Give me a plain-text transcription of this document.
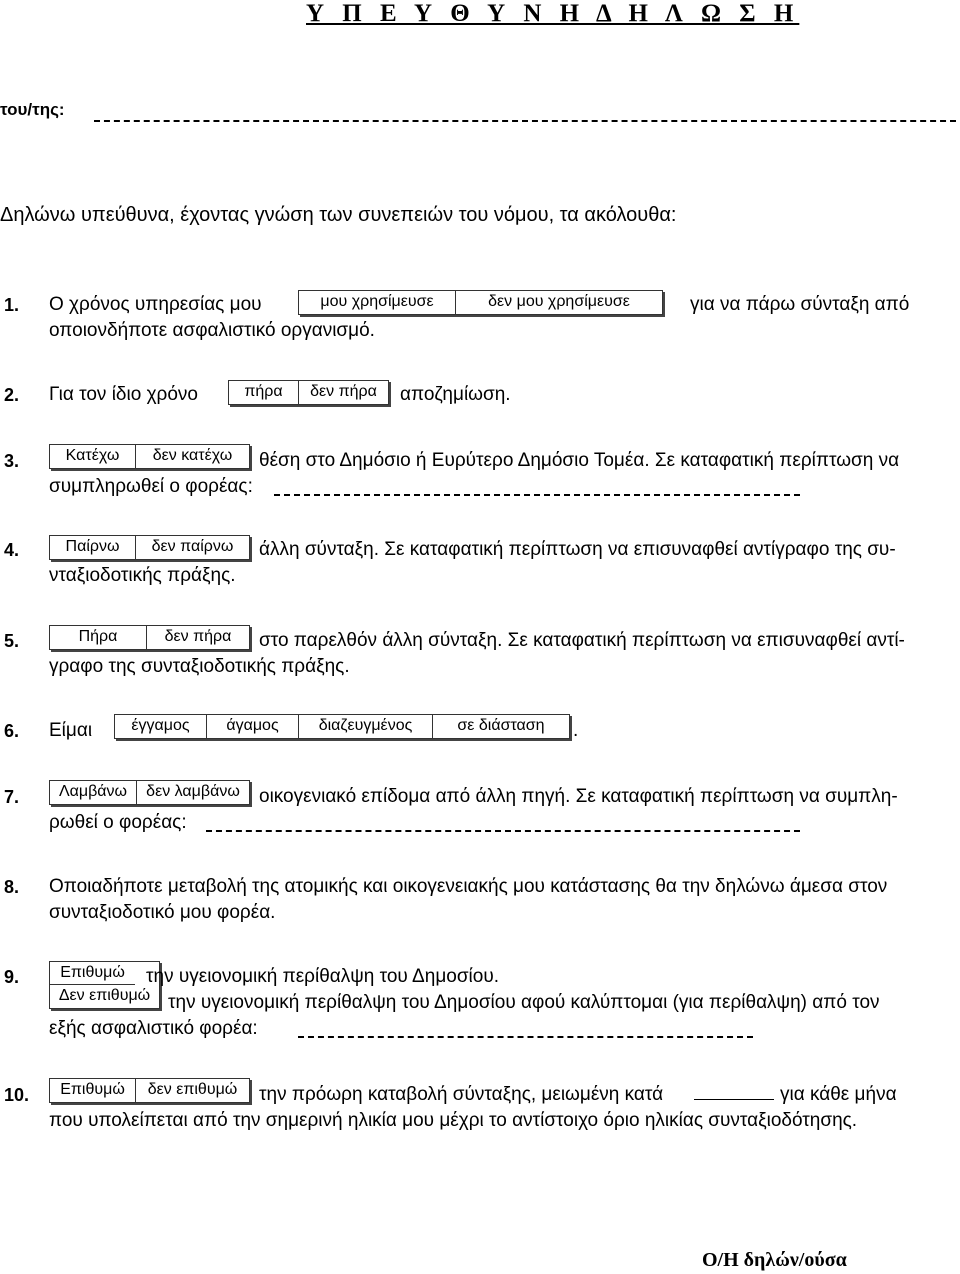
Υ Π Ε Υ Θ Υ Ν Η Δ Η Λ Ω Σ Η
του/της:
Δηλώνω υπεύθυνα, έχοντας γνώση των συνεπειών του νόμου, τα ακόλουθα:
1. Ο χρόνος υπηρεσίας μου	μου χρησίμευσε	δεν μου χρησίμευσε	για να πάρω σύνταξη από
οποιονδήποτε ασφαλιστικό οργανισμό.
2. Για τον ίδιο χρόνο	πήρα	δεν πήρα	αποζημίωση.
3.	Κατέχω	δεν κατέχω	θέση στο Δημόσιο ή Ευρύτερο Δημόσιο Τομέα. Σε καταφατική περίπτωση να
συμπληρωθεί ο φορέας:
4.	Παίρνω	δεν παίρνω	άλλη σύνταξη. Σε καταφατική περίπτωση να επισυναφθεί αντίγραφο της συ-
νταξιοδοτικής πράξης.
5.	Πήρα	δεν πήρα	στο παρελθόν άλλη σύνταξη. Σε καταφατική περίπτωση να επισυναφθεί αντί-
γραφο της συνταξιοδοτικής πράξης.
6. Είμαι	έγγαμος	άγαμος	διαζευγμένος	σε διάσταση	.
7.	Λαμβάνω	δεν λαμβάνω	οικογενιακό επίδομα από άλλη πηγή. Σε καταφατική περίπτωση να συμπλη-
ρωθεί ο φορέας:
8. Οποιαδήποτε μεταβολή της ατομικής και οικογενειακής μου κατάστασης θα την δηλώνω άμεσα στον
συνταξιοδοτικό μου φορέα.
9.	Επιθυμώ
Δεν επιθυμώ
την υγειονομική περίθαλψη του Δημοσίου.
την υγειονομική περίθαλψη του Δημοσίου αφού καλύπτομαι (για περίθαλψη) από τον
εξής ασφαλιστικό φορέα:
10.	Επιθυμώ	δεν επιθυμώ	την πρόωρη καταβολή σύνταξης, μειωμένη κατά	για κάθε μήνα
που υπολείπεται από την σημερινή ηλικία μου μέχρι το αντίστοιχο όριο ηλικίας συνταξιοδότησης.
Ο/Η δηλών/ούσα
